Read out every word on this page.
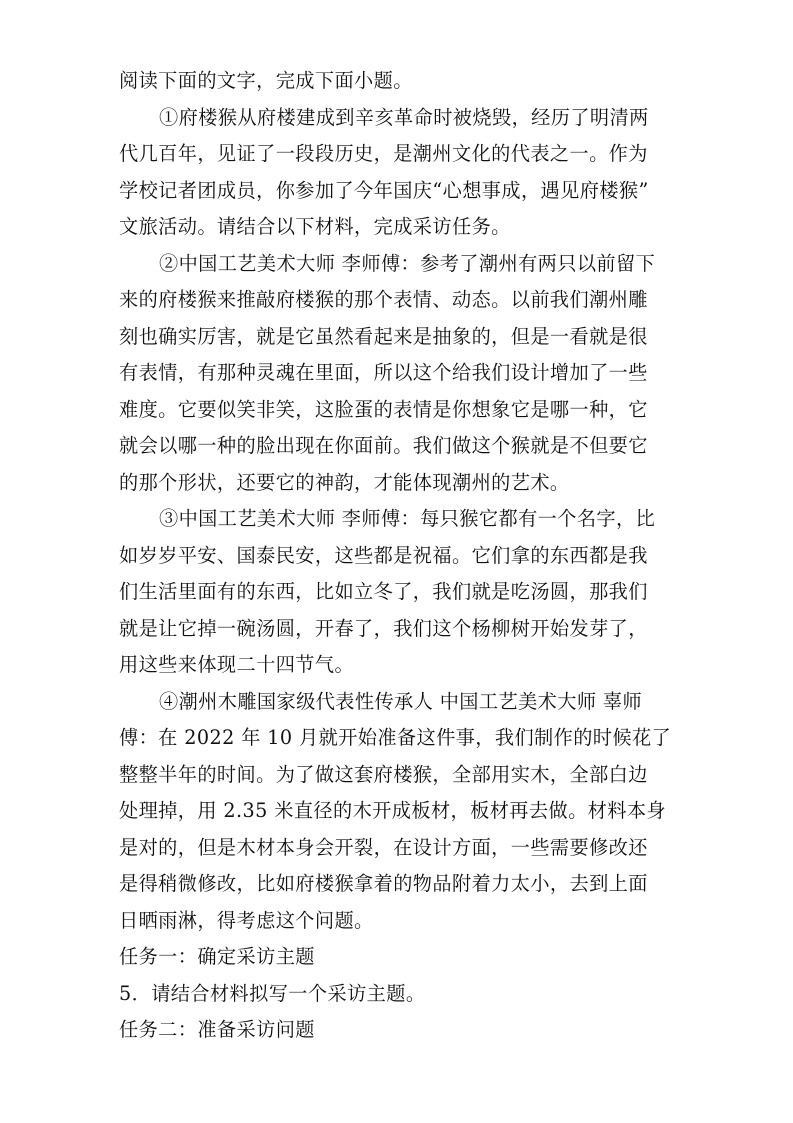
阅读下面的文字，完成下面小题。
①府楼猴从府楼建成到辛亥革命时被烧毁，经历了明清两
代几百年，见证了一段段历史，是潮州文化的代表之一。作为
学校记者团成员，你参加了今年国庆“心想事成，遇见府楼猴”
文旅活动。请结合以下材料，完成采访任务。
②中国工艺美术大师 李师傅：参考了潮州有两只以前留下
来的府楼猴来推敲府楼猴的那个表情、动态。以前我们潮州雕
刻也确实厉害，就是它虽然看起来是抽象的，但是一看就是很
有表情，有那种灵魂在里面，所以这个给我们设计增加了一些
难度。它要似笑非笑，这脸蛋的表情是你想象它是哪一种，它
就会以哪一种的脸出现在你面前。我们做这个猴就是不但要它
的那个形状，还要它的神韵，才能体现潮州的艺术。
③中国工艺美术大师 李师傅：每只猴它都有一个名字，比
如岁岁平安、国泰民安，这些都是祝福。它们拿的东西都是我
们生活里面有的东西，比如立冬了，我们就是吃汤圆，那我们
就是让它掉一碗汤圆，开春了，我们这个杨柳树开始发芽了，
用这些来体现二十四节气。
④潮州木雕国家级代表性传承人 中国工艺美术大师 辜师
傅：在 2022 年 10 月就开始准备这件事，我们制作的时候花了
整整半年的时间。为了做这套府楼猴，全部用实木，全部白边
处理掉，用 2.35 米直径的木开成板材，板材再去做。材料本身
是对的，但是木材本身会开裂，在设计方面，一些需要修改还
是得稍微修改，比如府楼猴拿着的物品附着力太小，去到上面
日晒雨淋，得考虑这个问题。
任务一：确定采访主题
5．请结合材料拟写一个采访主题。
任务二：准备采访问题
